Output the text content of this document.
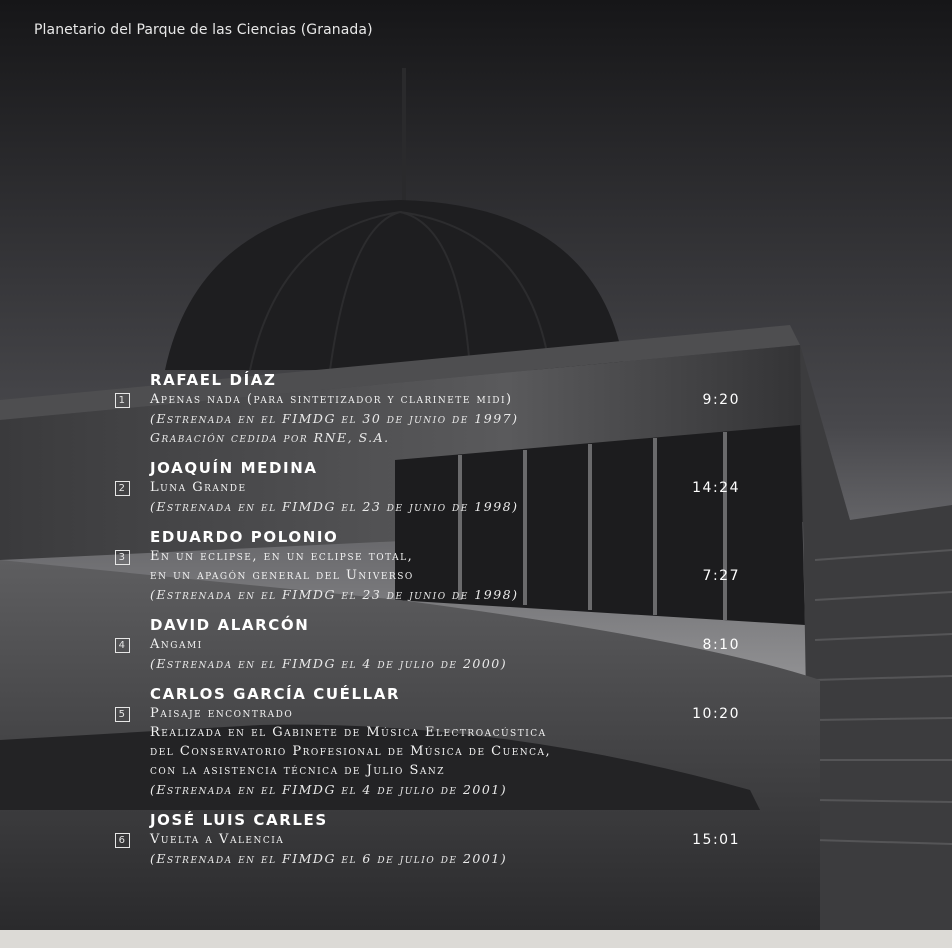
Planetario del Parque de las Ciencias (Granada)
RAFAEL DÍAZ
1 Apenas nada (para sintetizador y clarinete midi)	9:20
(Estrenada en el FIMDG el 30 de junio de 1997)
Grabación cedida por RNE, S.A.
JOAQUÍN MEDINA
2 Luna Grande	14:24
(Estrenada en el FIMDG el 23 de junio de 1998)
EDUARDO POLONIO
3 En un eclipse, en un eclipse total,
en un apagón general del Universo	7:27
(Estrenada en el FIMDG el 23 de junio de 1998)
DAVID ALARCÓN
4 Angami	8:10
(Estrenada en el FIMDG el 4 de julio de 2000)
CARLOS GARCÍA CUÉLLAR
5 Paisaje encontrado	10:20
Realizada en el Gabinete de Música Electroacústica
del Conservatorio Profesional de Música de Cuenca,
con la asistencia técnica de Julio Sanz
(Estrenada en el FIMDG el 4 de julio de 2001)
JOSÉ LUIS CARLES
6 Vuelta a Valencia	15:01
(Estrenada en el FIMDG el 6 de julio de 2001)
